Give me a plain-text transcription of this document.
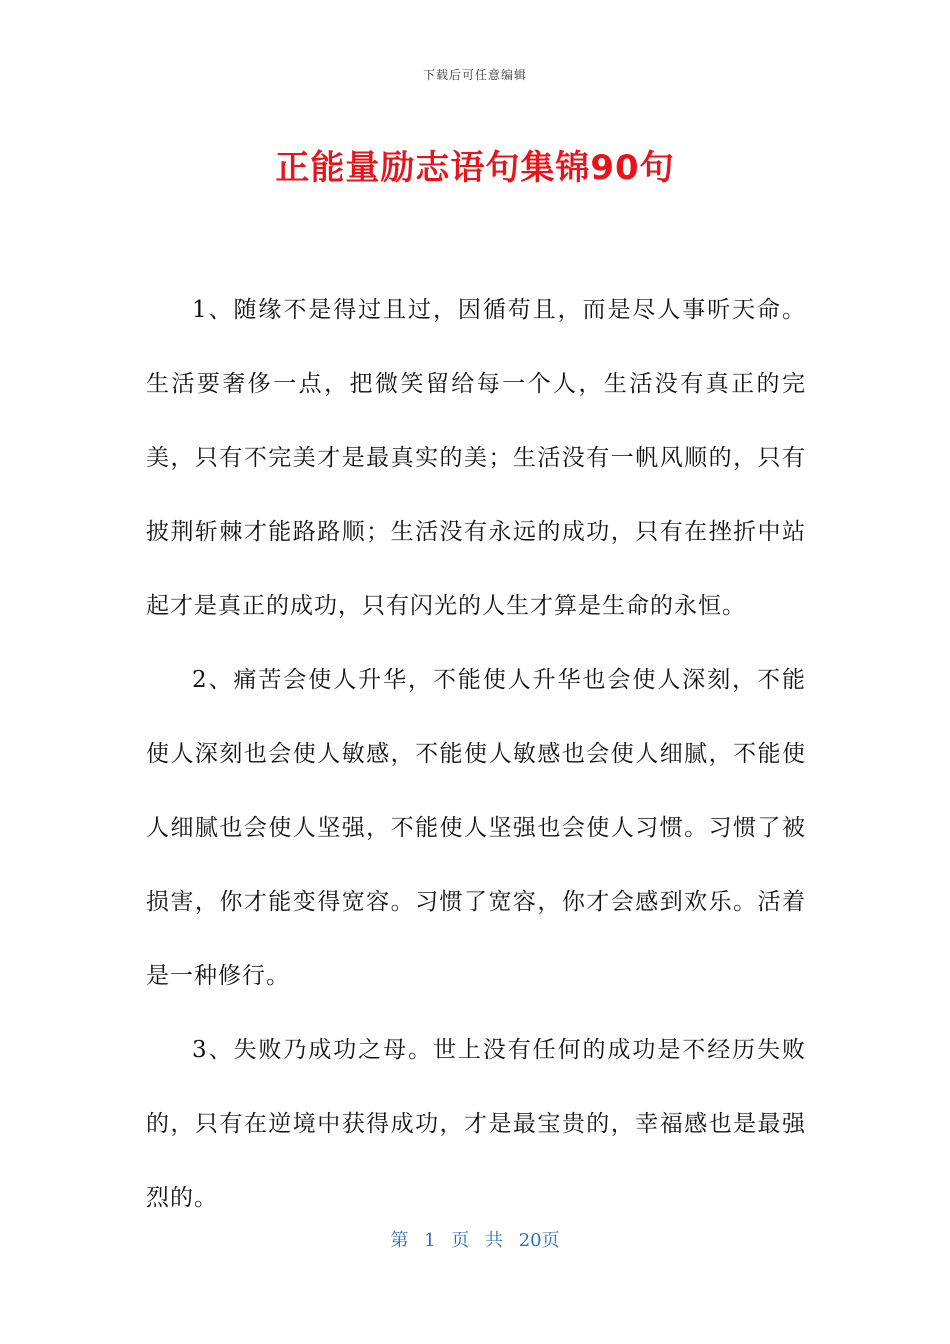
下载后可任意编辑
正能量励志语句集锦90句

1、随缘不是得过且过，因循苟且，而是尽人事听天命。生活要奢侈一点，把微笑留给每一个人，生活没有真正的完美，只有不完美才是最真实的美；生活没有一帆风顺的，只有披荆斩棘才能路路顺；生活没有永远的成功，只有在挫折中站起才是真正的成功，只有闪光的人生才算是生命的永恒。

2、痛苦会使人升华，不能使人升华也会使人深刻，不能使人深刻也会使人敏感，不能使人敏感也会使人细腻，不能使人细腻也会使人坚强，不能使人坚强也会使人习惯。习惯了被损害，你才能变得宽容。习惯了宽容，你才会感到欢乐。活着是一种修行。

3、失败乃成功之母。世上没有任何的成功是不经历失败的，只有在逆境中获得成功，才是最宝贵的，幸福感也是最强烈的。

第 1 页 共 20页
